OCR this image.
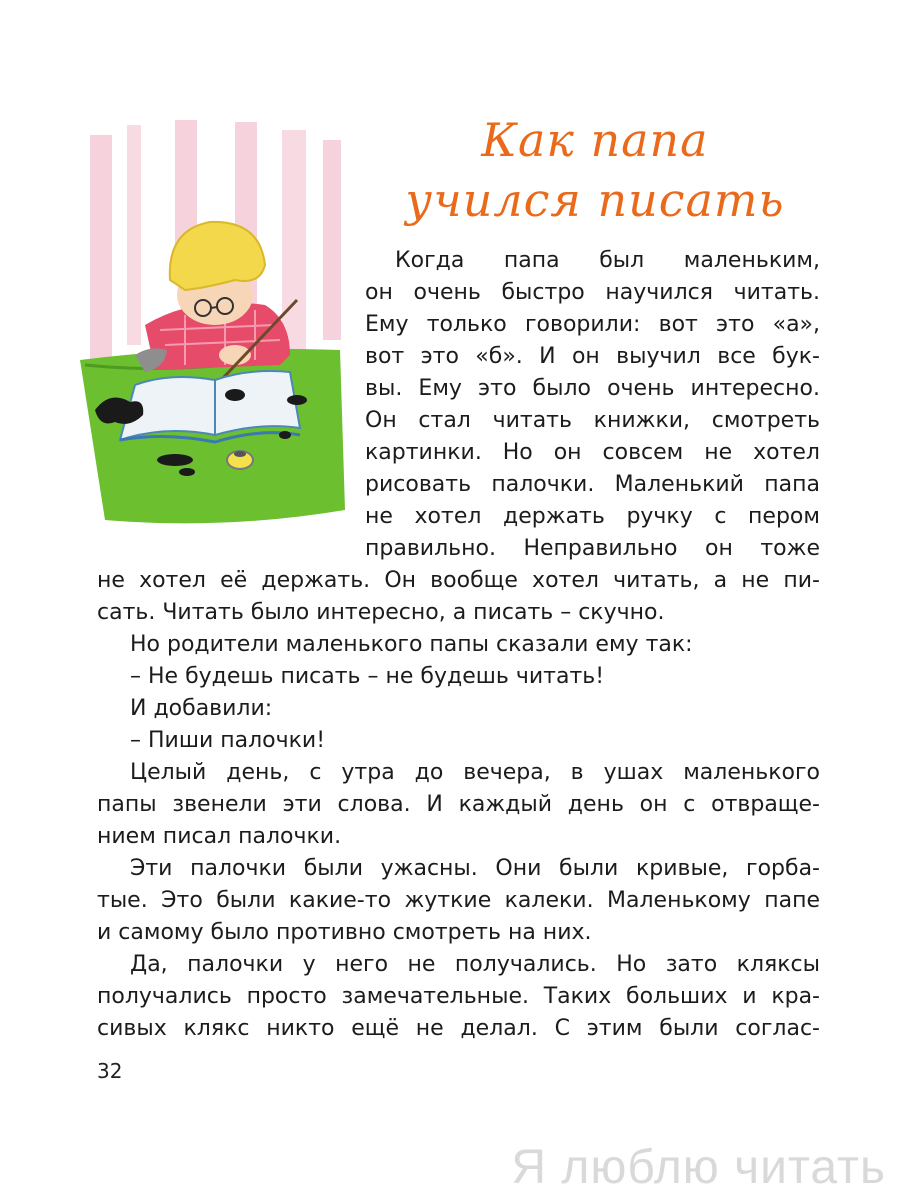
Как папа
учился писать
Когда папа был маленьким,
он очень быстро научился читать.
Ему только говорили: вот это «а»,
вот это «б». И он выучил все бук-
вы. Ему это было очень интересно.
Он стал читать книжки, смотреть
картинки. Но он совсем не хотел
рисовать палочки. Маленький папа
не хотел держать ручку с пером
правильно. Неправильно он тоже
не хотел её держать. Он вообще хотел читать, а не пи-
сать. Читать было интересно, а писать – скучно.
Но родители маленького папы сказали ему так:
– Не будешь писать – не будешь читать!
И добавили:
– Пиши палочки!
Целый день, с утра до вечера, в ушах маленького
папы звенели эти слова. И каждый день он с отвраще-
нием писал палочки.
Эти палочки были ужасны. Они были кривые, горба-
тые. Это были какие-то жуткие калеки. Маленькому папе
и самому было противно смотреть на них.
Да, палочки у него не получались. Но зато кляксы
получались просто замечательные. Таких больших и кра-
сивых клякс никто ещё не делал. С этим были соглас-
32
Я люблю читать
